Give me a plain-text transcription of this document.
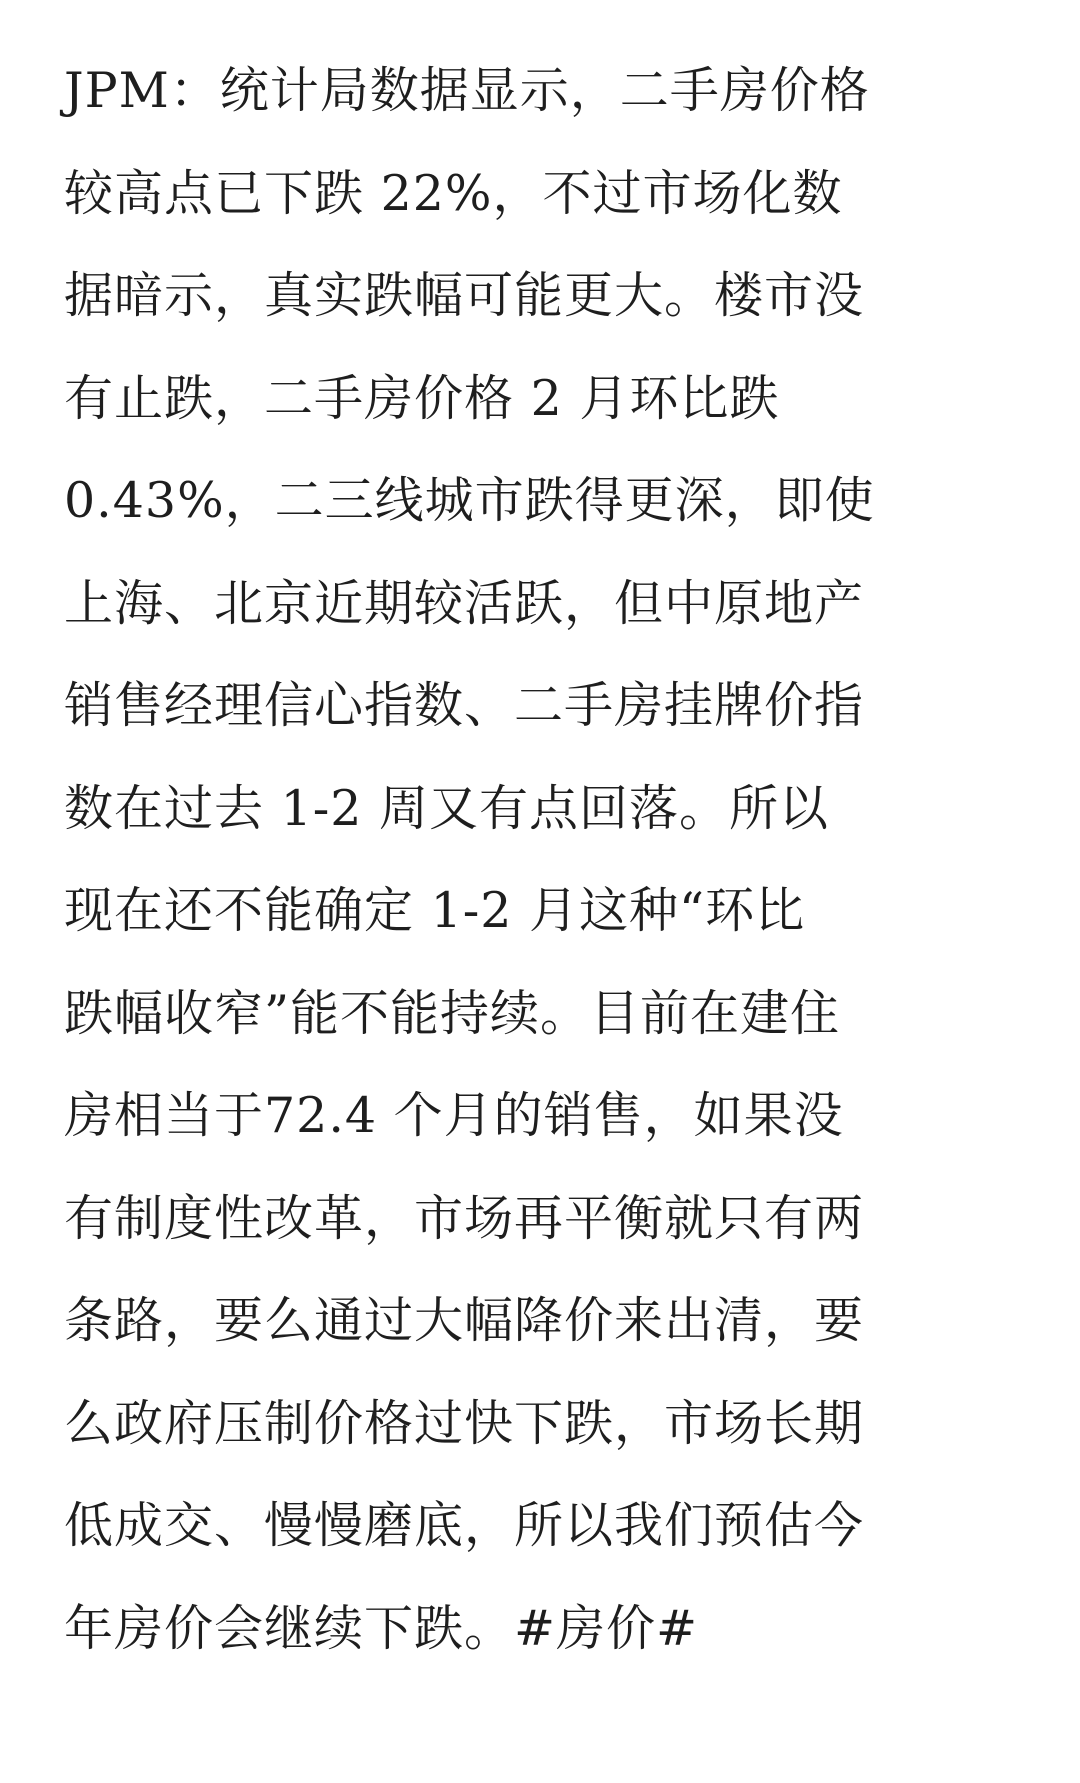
JPM：统计局数据显示，二手房价格
较高点已下跌 22%，不过市场化数
据暗示，真实跌幅可能更大。楼市没
有止跌，二手房价格 2 月环比跌
0.43%，二三线城市跌得更深，即使
上海、北京近期较活跃，但中原地产
销售经理信心指数、二手房挂牌价指
数在过去 1-2 周又有点回落。所以
现在还不能确定 1-2 月这种“环比
跌幅收窄”能不能持续。目前在建住
房相当于72.4 个月的销售，如果没
有制度性改革，市场再平衡就只有两
条路，要么通过大幅降价来出清，要
么政府压制价格过快下跌，市场长期
低成交、慢慢磨底，所以我们预估今
年房价会继续下跌。#房价#
